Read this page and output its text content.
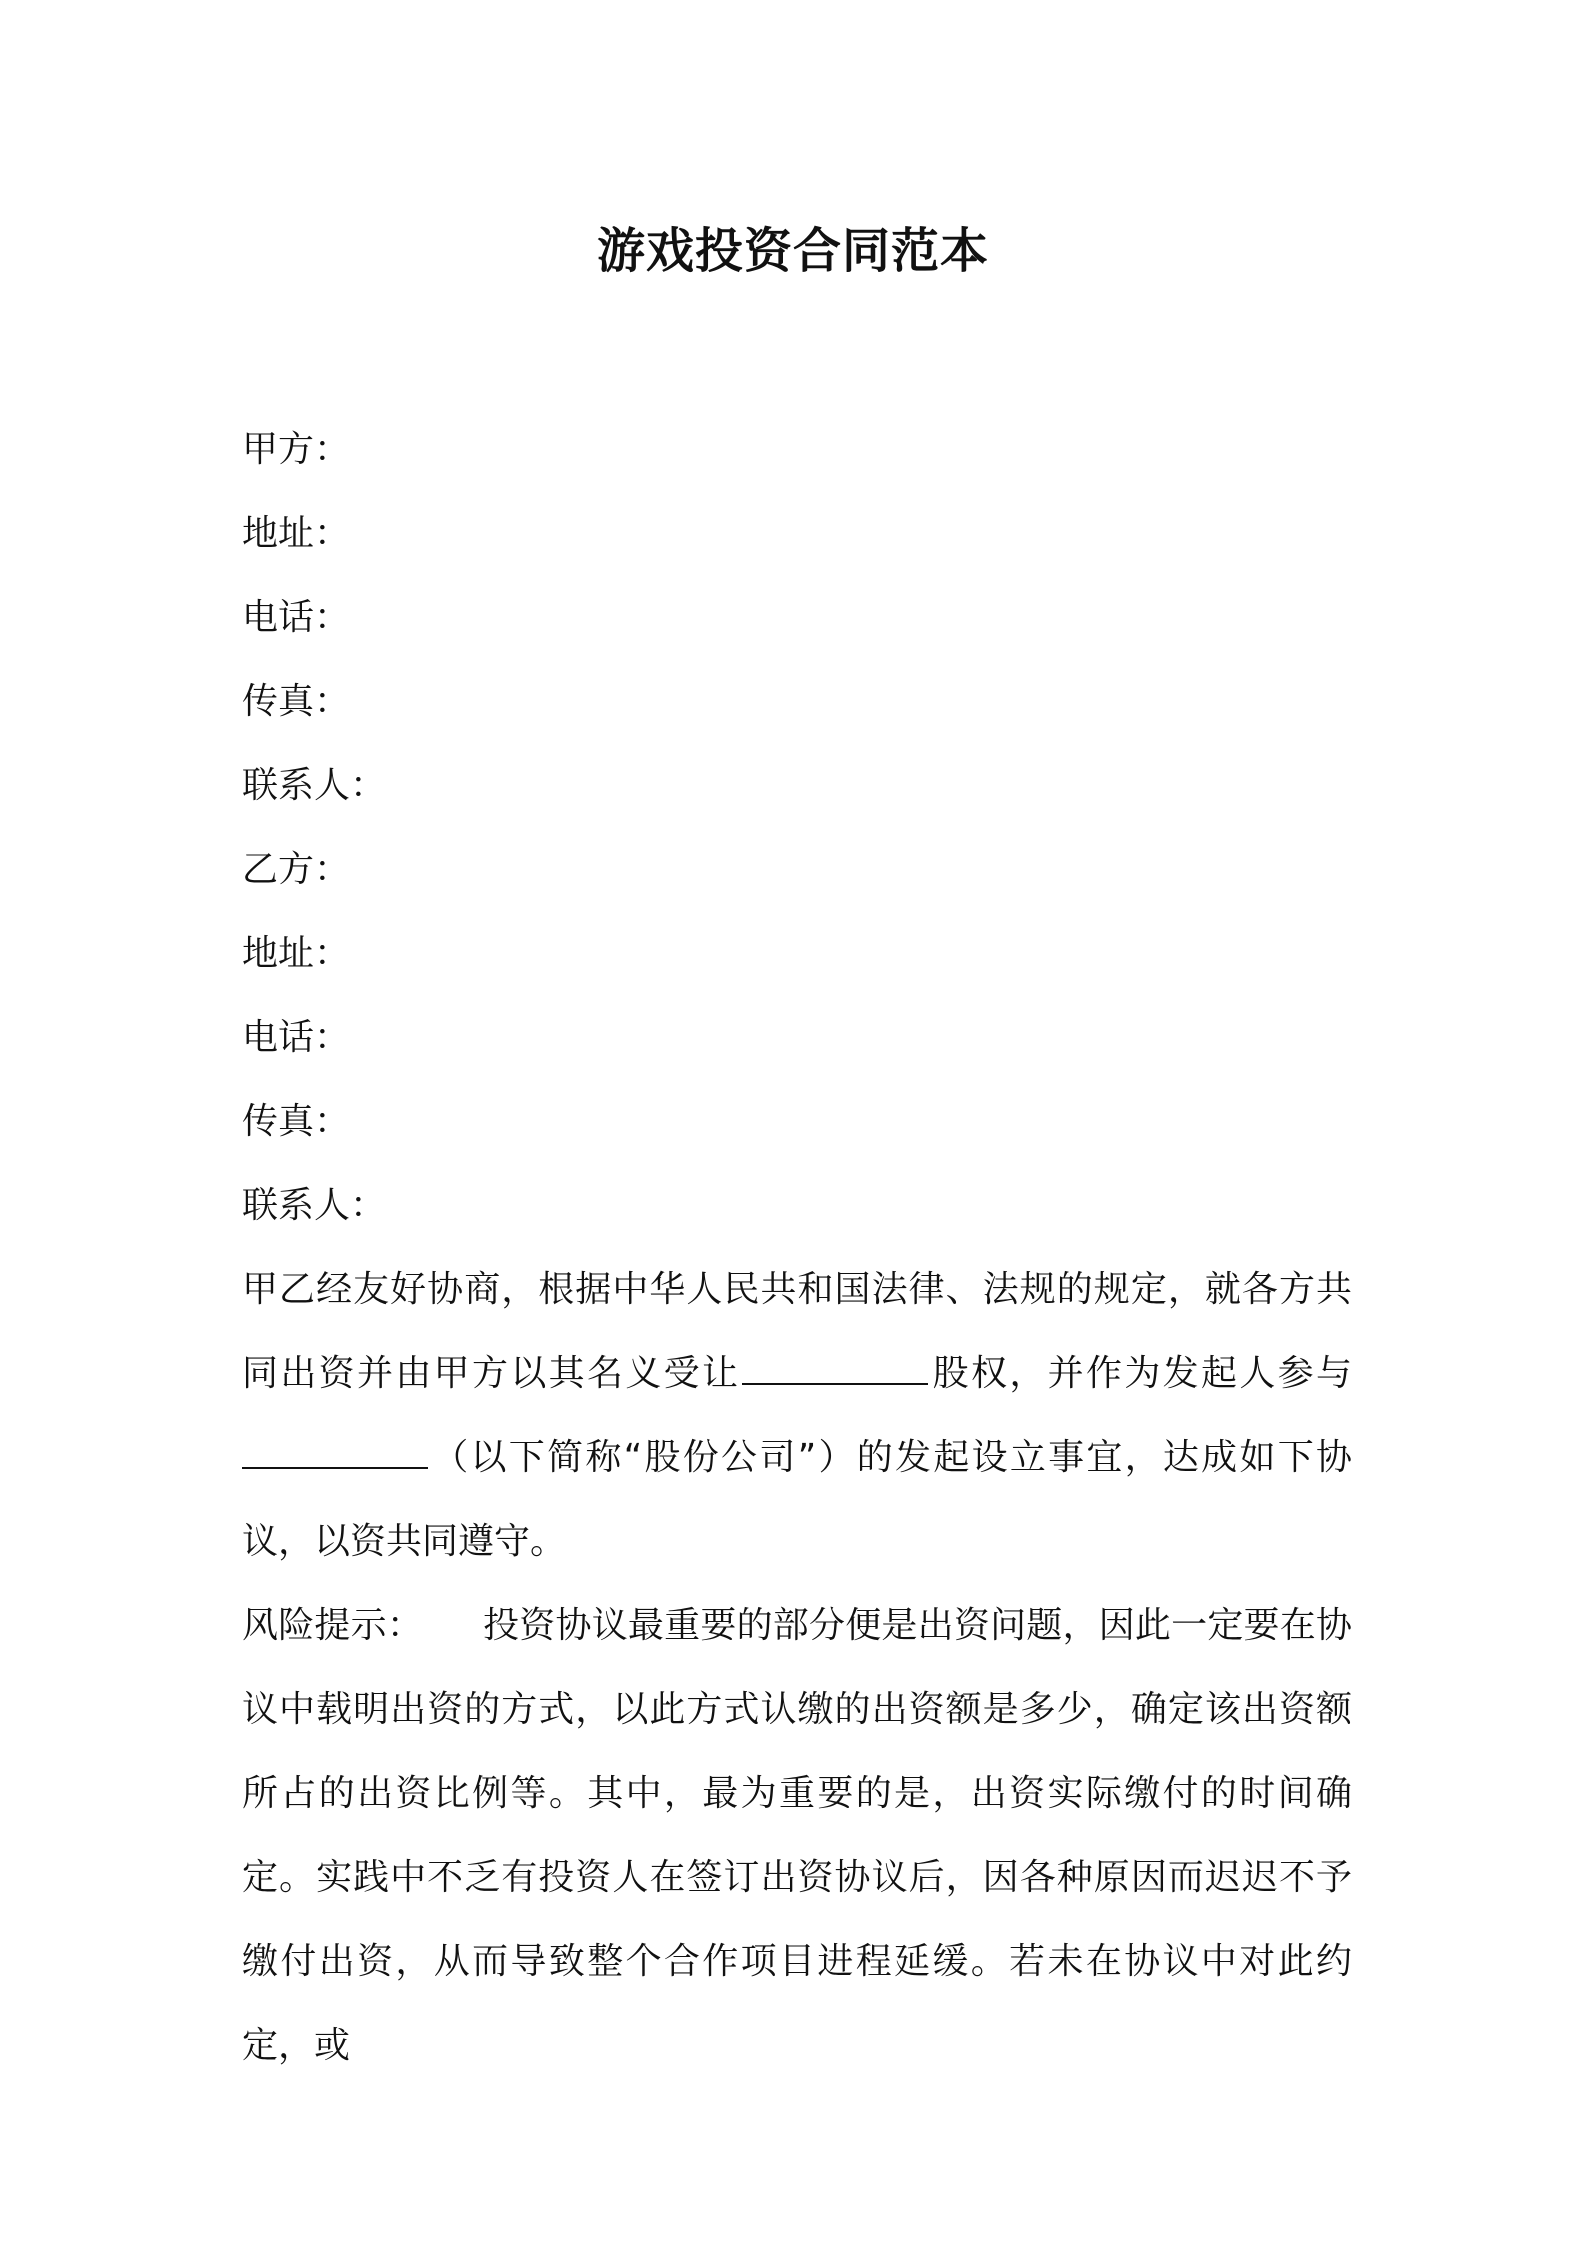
游戏投资合同范本
甲方：
地址：
电话：
传真：
联系人：
乙方：
地址：
电话：
传真：
联系人：

甲乙经友好协商，根据中华人民共和国法律、法规的规定，就各方共同出资并由甲方以其名义受让	股权，并作为发起人参与（以下简称“股份公司”）的发起设立事宜，达成如下协议，以资共同遵守。

风险提示： 投资协议最重要的部分便是出资问题，因此一定要在协议中载明出资的方式，以此方式认缴的出资额是多少，确定该出资额所占的出资比例等。其中，最为重要的是，出资实际缴付的时间确定。实践中不乏有投资人在签订出资协议后，因各种原因而迟迟不予缴付出资，从而导致整个合作项目进程延缓。若未在协议中对此约定，或
